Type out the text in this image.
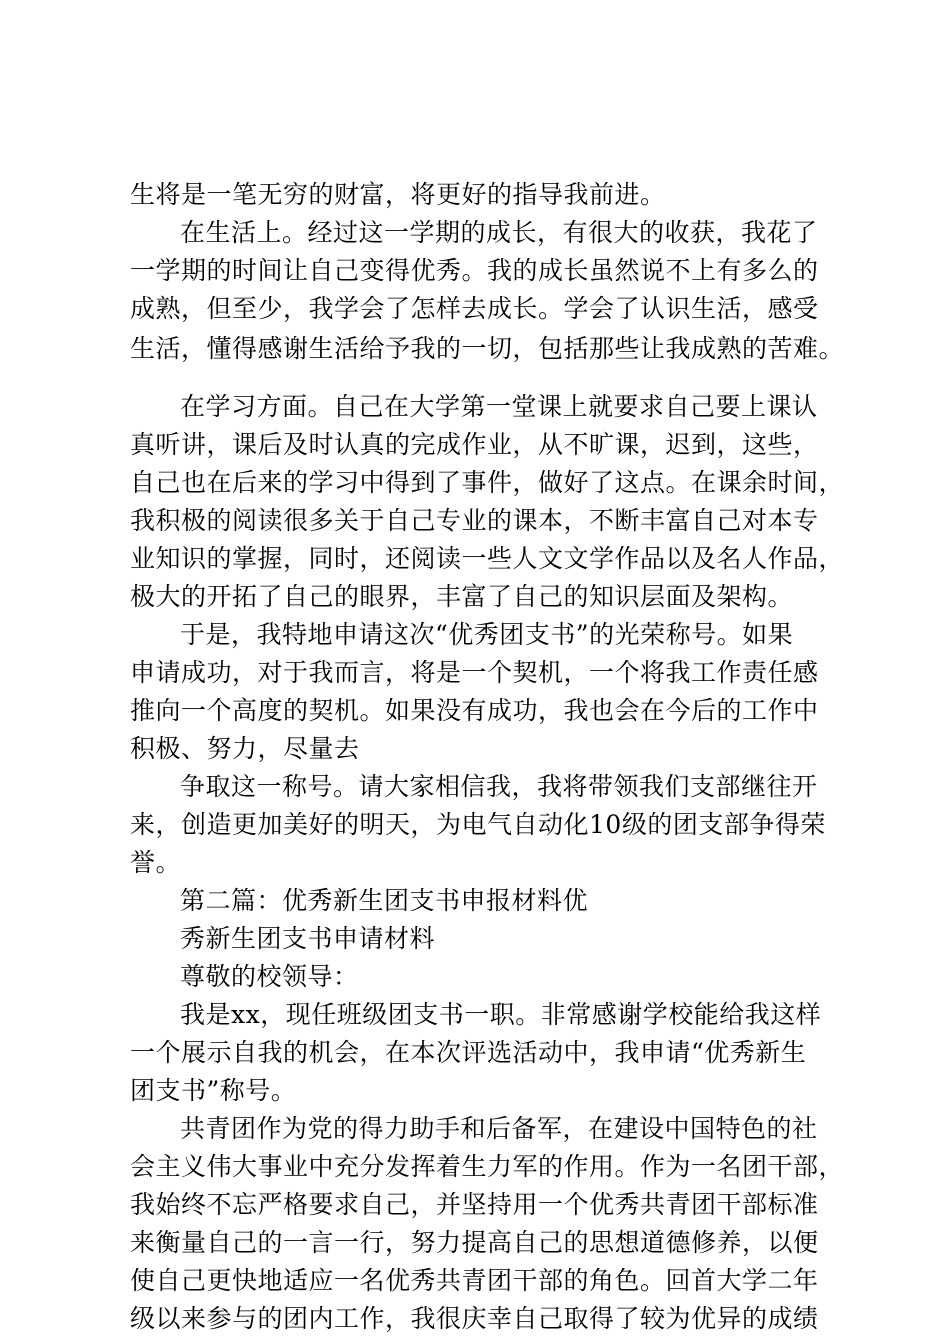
生将是一笔无穷的财富，将更好的指导我前进。
在生活上。经过这一学期的成长，有很大的收获，我花了
一学期的时间让自己变得优秀。我的成长虽然说不上有多么的
成熟，但至少，我学会了怎样去成长。学会了认识生活，感受
生活，懂得感谢生活给予我的一切，包括那些让我成熟的苦难。
在学习方面。自己在大学第一堂课上就要求自己要上课认
真听讲，课后及时认真的完成作业，从不旷课，迟到，这些，
自己也在后来的学习中得到了事件，做好了这点。在课余时间，
我积极的阅读很多关于自己专业的课本，不断丰富自己对本专
业知识的掌握，同时，还阅读一些人文文学作品以及名人作品，
极大的开拓了自己的眼界，丰富了自己的知识层面及架构。
于是，我特地申请这次“优秀团支书”的光荣称号。如果
申请成功，对于我而言，将是一个契机，一个将我工作责任感
推向一个高度的契机。如果没有成功，我也会在今后的工作中
积极、努力，尽量去
争取这一称号。请大家相信我，我将带领我们支部继往开
来，创造更加美好的明天，为电气自动化10级的团支部争得荣
誉。
第二篇：优秀新生团支书申报材料优
秀新生团支书申请材料
尊敬的校领导：
我是xx，现任班级团支书一职。非常感谢学校能给我这样
一个展示自我的机会，在本次评选活动中，我申请“优秀新生
团支书”称号。
共青团作为党的得力助手和后备军，在建设中国特色的社
会主义伟大事业中充分发挥着生力军的作用。作为一名团干部，
我始终不忘严格要求自己，并坚持用一个优秀共青团干部标准
来衡量自己的一言一行，努力提高自己的思想道德修养，以便
使自己更快地适应一名优秀共青团干部的角色。回首大学二年
级以来参与的团内工作，我很庆幸自己取得了较为优异的成绩
